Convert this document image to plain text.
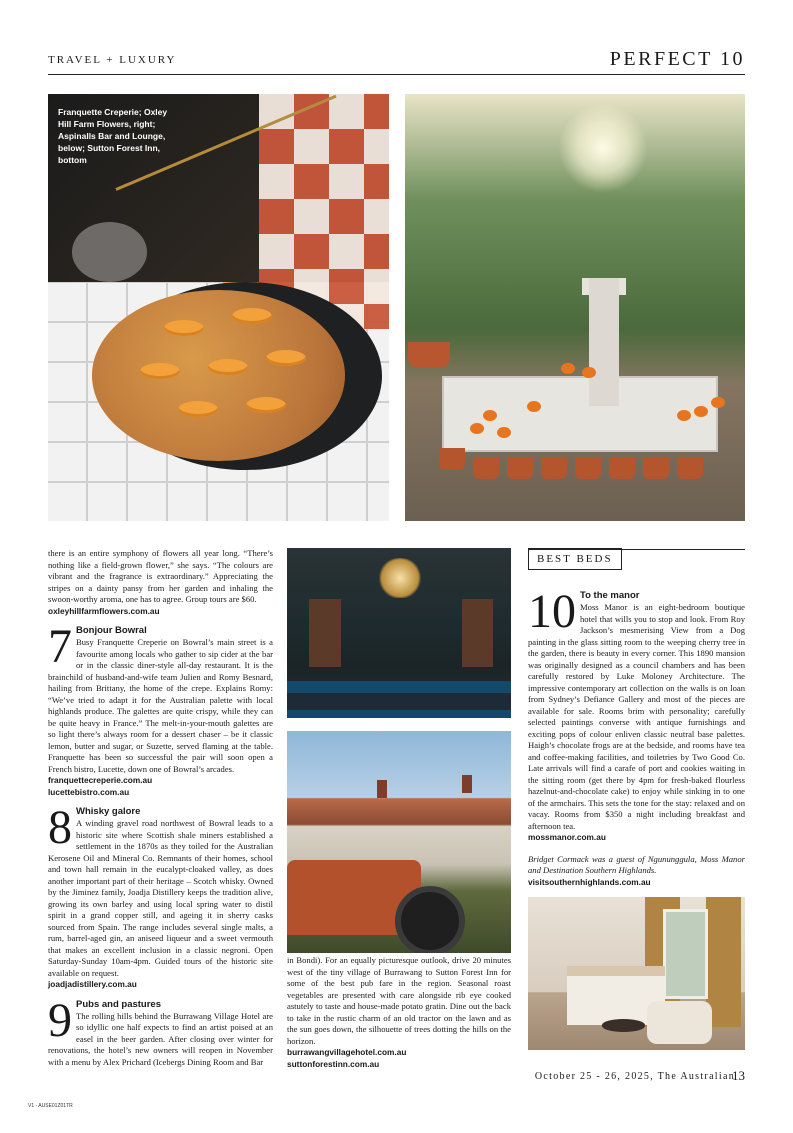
TRAVEL + LUXURY	PERFECT 10
Franquette Creperie; Oxley Hill Farm Flowers, right; Aspinalls Bar and Lounge, below; Sutton Forest Inn, bottom

there is an entire symphony of flowers all year long. “There’s nothing like a field-grown flower,” she says. “The colours are vibrant and the fragrance is extraordinary.” Appreciating the stripes on a dainty pansy from her garden and inhaling the swoon-worthy aroma, one has to agree. Group tours are $60.

oxleyhillfarmflowers.com.au
7 Bonjour Bowral

Busy Franquette Creperie on Bowral’s main street is a favourite among locals who gather to sip cider at the bar or in the classic diner-style all-day restaurant. It is the brainchild of husband-and-wife team Julien and Romy Besnard, hailing from Brittany, the home of the crepe. Explains Romy: “We’ve tried to adapt it for the Australian palette with local highlands produce. The galettes are quite crispy, while they can be quite heavy in France.” The melt-in-your-mouth galettes are so light there’s always room for a dessert chaser – be it classic lemon, butter and sugar, or Suzette, served flaming at the table. Franquette has been so successful the pair will soon open a French bistro, Lucette, down one of Bowral’s arcades.

franquettecreperie.com.au
lucettebistro.com.au
8 Whisky galore

A winding gravel road northwest of Bowral leads to a historic site where Scottish shale miners established a settlement in the 1870s as they toiled for the Australian Kerosene Oil and Mineral Co. Remnants of their homes, school and town hall remain in the eucalypt-cloaked valley, as does another important part of their heritage – Scotch whisky. Owned by the Jiminez family, Joadja Distillery keeps the tradition alive, growing its own barley and using local spring water to distil spirit in a grand copper still, and ageing it in sherry casks sourced from Spain. The range includes several single malts, a rum, barrel-aged gin, an aniseed liqueur and a sweet vermouth that makes an excellent inclusion in a classic negroni. Open Saturday-Sunday 10am-4pm. Guided tours of the historic site available on request.

joadjadistillery.com.au
9 Pubs and pastures

The rolling hills behind the Burrawang Village Hotel are so idyllic one half expects to find an artist poised at an easel in the beer garden. After closing over winter for renovations, the hotel’s new owners will reopen in November with a menu by Alex Prichard (Icebergs Dining Room and Bar

in Bondi). For an equally picturesque outlook, drive 20 minutes west of the tiny village of Burrawang to Sutton Forest Inn for some of the best pub fare in the region. Seasonal roast vegetables are presented with care alongside rib eye cooked astutely to taste and house-made potato gratin. Dine out the back to take in the rustic charm of an old tractor on the lawn and as the sun goes down, the silhouette of trees dotting the hills on the horizon.

burrawangvillagehotel.com.au
suttonforestinn.com.au
BEST BEDS
10 To the manor

Moss Manor is an eight-bedroom boutique hotel that wills you to stop and look. From Roy Jackson’s mesmerising View from a Dog painting in the glass sitting room to the weeping cherry tree in the garden, there is beauty in every corner. This 1890 mansion was originally designed as a council chambers and has been carefully restored by Luke Moloney Architecture. The impressive contemporary art collection on the walls is on loan from Sydney’s Defiance Gallery and most of the pieces are available for sale. Rooms brim with personality; carefully selected paintings converse with antique furnishings and exciting pops of colour enliven classic neutral base palettes. Haigh’s chocolate frogs are at the bedside, and rooms have tea and coffee-making facilities, and toiletries by Two Good Co. Late arrivals will find a carafe of port and cookies waiting in the sitting room (get there by 4pm for fresh-baked flourless hazelnut-and-chocolate cake) to enjoy while sinking in to one of the armchairs. This sets the tone for the stay: relaxed and on vacay. Rooms from $350 a night including breakfast and afternoon tea.

mossmanor.com.au

Bridget Cormack was a guest of Ngununggula, Moss Manor and Destination Southern Highlands.

visitsouthernhighlands.com.au
October 25 - 26, 2025, The Australian
13
V1 - AUSE01Z01TR
